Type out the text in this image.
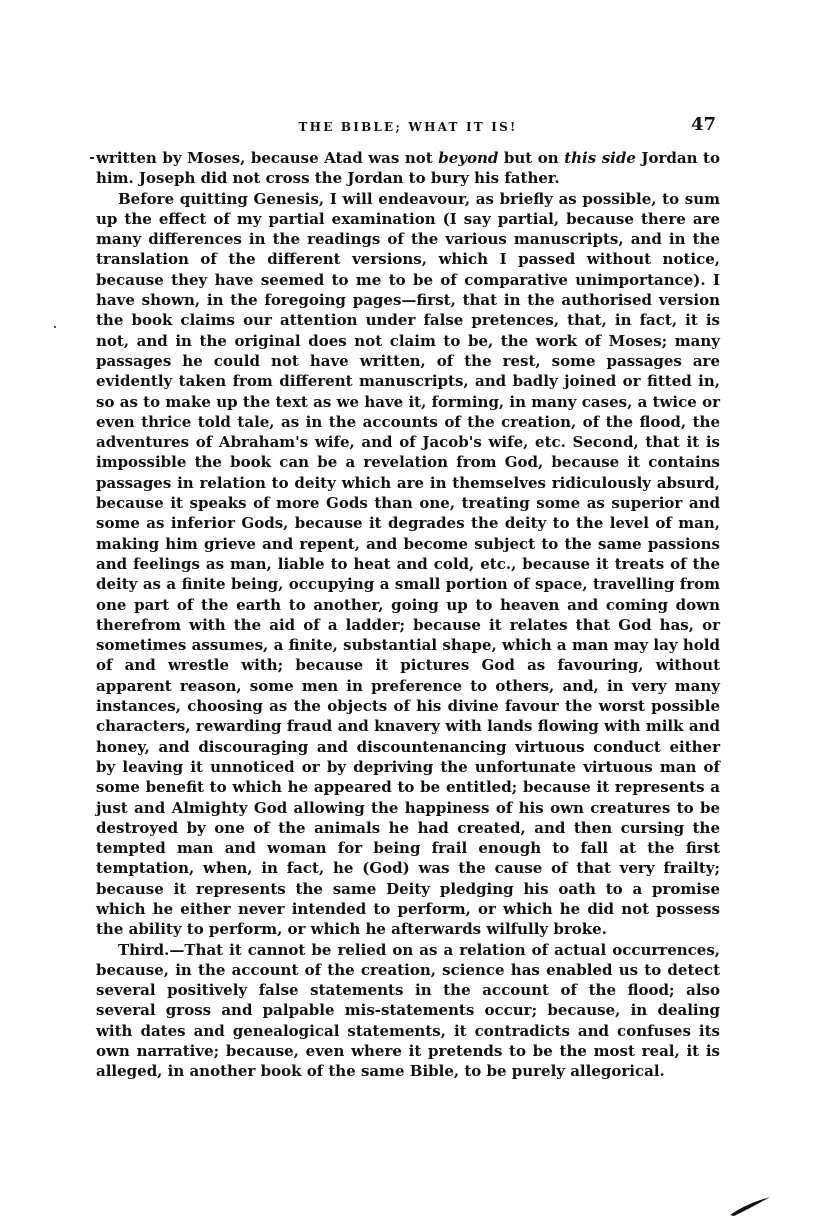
THE BIBLE; WHAT IT IS!	47

written by Moses, because Atad was not beyond but on this side Jordan to him. Joseph did not cross the Jordan to bury his father.

Before quitting Genesis, I will endeavour, as briefly as possible, to sum up the effect of my partial examination (I say partial, because there are many differences in the readings of the various manuscripts, and in the translation of the different versions, which I passed without notice, because they have seemed to me to be of comparative unimportance). I have shown, in the foregoing pages—first, that in the authorised version the book claims our attention under false pretences, that, in fact, it is not, and in the original does not claim to be, the work of Moses; many passages he could not have written, of the rest, some passages are evidently taken from different manuscripts, and badly joined or fitted in, so as to make up the text as we have it, forming, in many cases, a twice or even thrice told tale, as in the accounts of the creation, of the flood, the adventures of Abraham's wife, and of Jacob's wife, etc. Second, that it is impossible the book can be a revelation from God, because it contains passages in relation to deity which are in themselves ridiculously absurd, because it speaks of more Gods than one, treating some as superior and some as inferior Gods, because it degrades the deity to the level of man, making him grieve and repent, and become subject to the same passions and feelings as man, liable to heat and cold, etc., because it treats of the deity as a finite being, occupying a small portion of space, travelling from one part of the earth to another, going up to heaven and coming down therefrom with the aid of a ladder; because it relates that God has, or sometimes assumes, a finite, substantial shape, which a man may lay hold of and wrestle with; because it pictures God as favouring, without apparent reason, some men in preference to others, and, in very many instances, choosing as the objects of his divine favour the worst possible characters, rewarding fraud and knavery with lands flowing with milk and honey, and discouraging and discountenancing virtuous conduct either by leaving it unnoticed or by depriving the unfortunate virtuous man of some benefit to which he appeared to be entitled; because it represents a just and Almighty God allowing the happiness of his own creatures to be destroyed by one of the animals he had created, and then cursing the tempted man and woman for being frail enough to fall at the first temptation, when, in fact, he (God) was the cause of that very frailty; because it represents the same Deity pledging his oath to a promise which he either never intended to perform, or which he did not possess the ability to perform, or which he afterwards wilfully broke.

Third.—That it cannot be relied on as a relation of actual occurrences, because, in the account of the creation, science has enabled us to detect several positively false statements in the account of the flood; also several gross and palpable mis-statements occur; because, in dealing with dates and genealogical statements, it contradicts and confuses its own narrative; because, even where it pretends to be the most real, it is alleged, in another book of the same Bible, to be purely allegorical.
